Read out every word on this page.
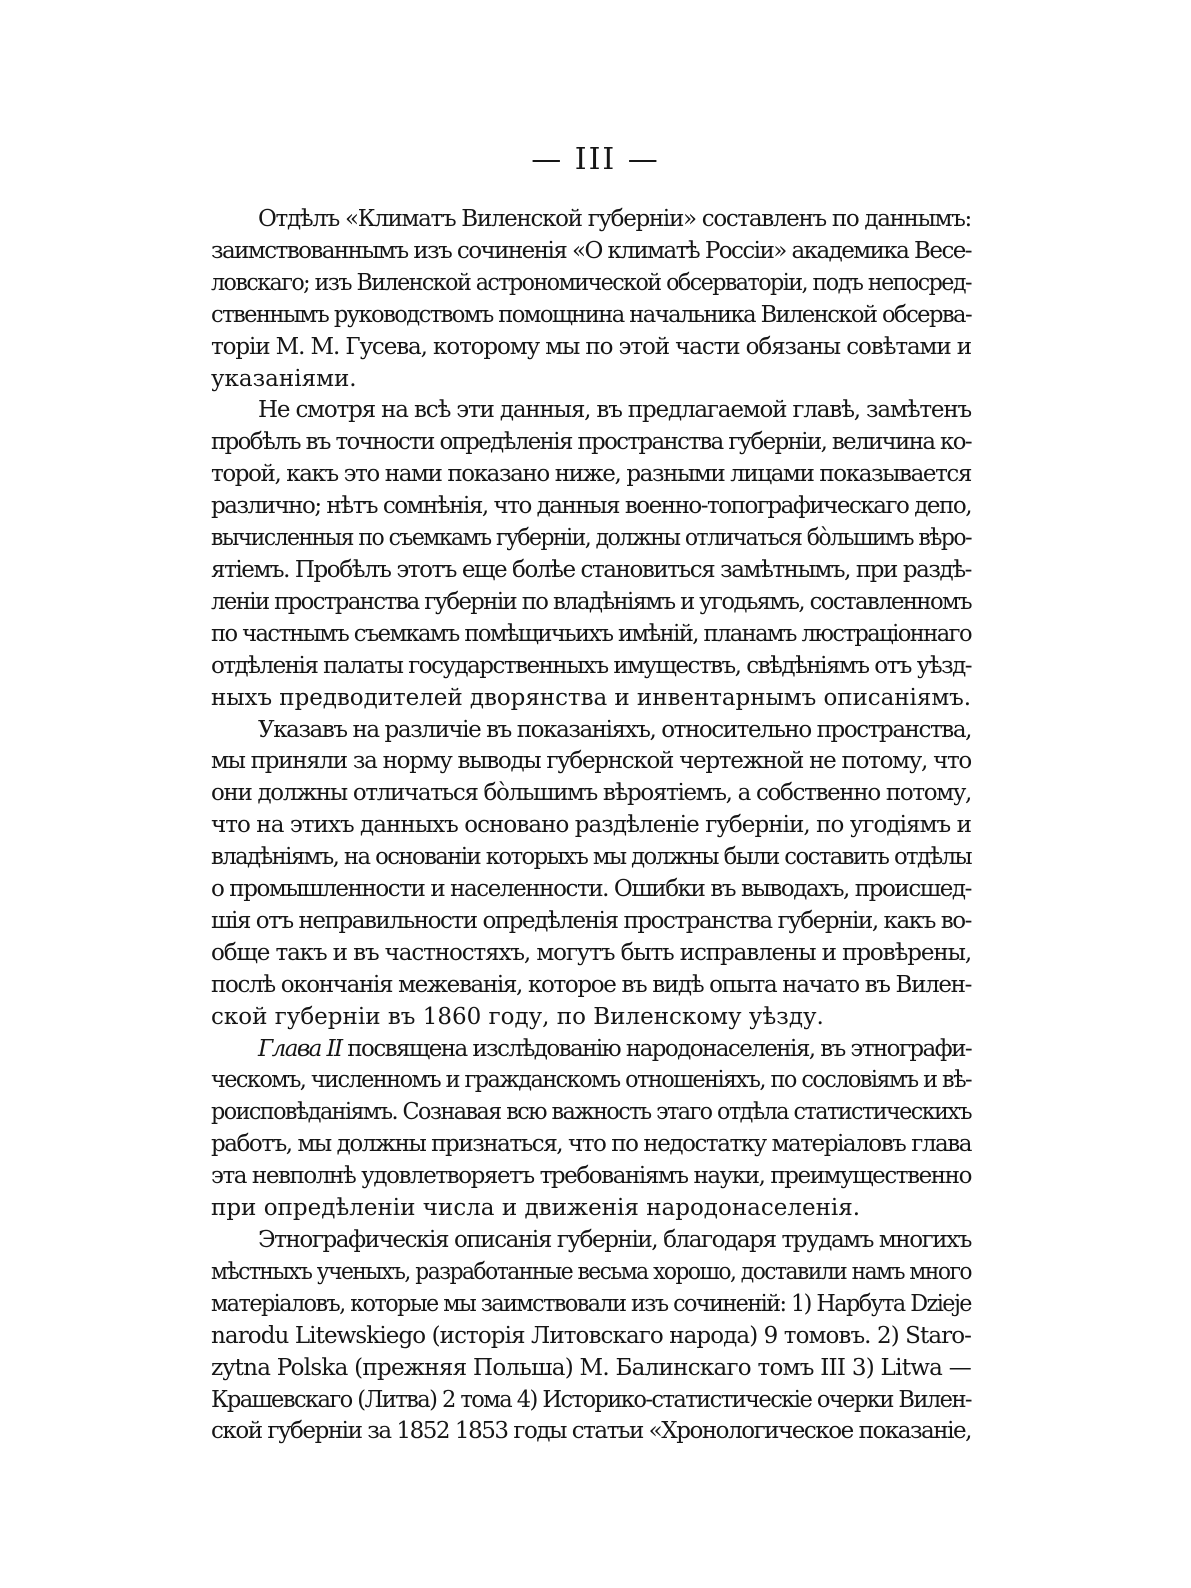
— III —

Отдѣлъ «Климатъ Виленской губерніи» составленъ по даннымъ:
заимствованнымъ изъ сочиненія «О климатѣ Россіи» академика Весе-
ловскаго; изъ Виленской астрономической обсерваторіи, подъ непосред-
ственнымъ руководствомъ помощнина начальника Виленской обсерва-
торіи М. М. Гусева, которому мы по этой части обязаны совѣтами и
указаніями.

Не смотря на всѣ эти данныя, въ предлагаемой главѣ, замѣтенъ
пробѣлъ въ точности опредѣленія пространства губерніи, величина ко-
торой, какъ это нами показано ниже, разными лицами показывается
различно; нѣтъ сомнѣнія, что данныя военно-топографическаго депо,
вычисленныя по съемкамъ губерніи, должны отличаться бо̀льшимъ вѣро-
ятіемъ. Пробѣлъ этотъ еще болѣе становиться замѣтнымъ, при раздѣ-
леніи пространства губерніи по владѣніямъ и угодьямъ, составленномъ
по частнымъ съемкамъ помѣщичьихъ имѣній, планамъ люстраціоннаго
отдѣленія палаты государственныхъ имуществъ, свѣдѣніямъ отъ уѣзд-
ныхъ предводителей дворянства и инвентарнымъ описаніямъ.

Указавъ на различіе въ показаніяхъ, относительно пространства,
мы приняли за норму выводы губернской чертежной не потому, что
они должны отличаться бо̀льшимъ вѣроятіемъ, а собственно потому,
что на этихъ данныхъ основано раздѣленіе губерніи, по угодіямъ и
владѣніямъ, на основаніи которыхъ мы должны были составить отдѣлы
о промышленности и населенности. Ошибки въ выводахъ, происшед-
шія отъ неправильности опредѣленія пространства губерніи, какъ во-
обще такъ и въ частностяхъ, могутъ быть исправлены и провѣрены,
послѣ окончанія межеванія, которое въ видѣ опыта начато въ Вилен-
ской губерніи въ 1860 году, по Виленскому уѣзду.

Глава II посвящена изслѣдованію народонаселенія, въ этнографи-
ческомъ, численномъ и гражданскомъ отношеніяхъ, по сословіямъ и вѣ-
роисповѣданіямъ. Сознавая всю важность этаго отдѣла статистическихъ
работъ, мы должны признаться, что по недостатку матеріаловъ глава
эта невполнѣ удовлетворяетъ требованіямъ науки, преимущественно
при опредѣленіи числа и движенія народонаселенія.

Этнографическія описанія губерніи, благодаря трудамъ многихъ
мѣстныхъ ученыхъ, разработанные весьма хорошо, доставили намъ много
матеріаловъ, которые мы заимствовали изъ сочиненій: 1) Нарбута Dzieje
narodu Litewskiego (исторія Литовскаго народа) 9 томовъ. 2) Staro-
zytna Polska (прежняя Польша) М. Балинскаго томъ III 3) Litwa —
Крашевскаго (Литва) 2 тома 4) Историко-статистическіе очерки Вилен-
ской губерніи за 1852 1853 годы статьи «Хронологическое показаніе,
